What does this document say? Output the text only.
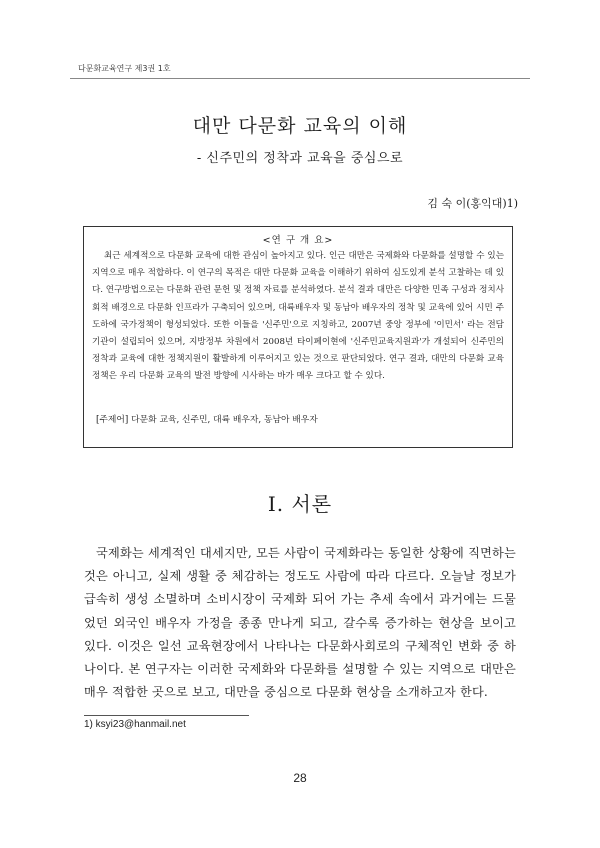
다문화교육연구 제3권 1호
대만 다문화 교육의 이해
- 신주민의 정착과 교육을 중심으로
김 숙 이(홍익대)1)
<연 구 개 요>
최근 세계적으로 다문화 교육에 대한 관심이 높아지고 있다. 인근 대만은 국제화와 다문화를 설명할 수 있는 지역으로 매우 적합하다. 이 연구의 목적은 대만 다문화 교육을 이해하기 위하여 심도있게 분석 고찰하는 데 있다. 연구방법으로는 다문화 관련 문헌 및 정책 자료를 분석하였다. 분석 결과 대만은 다양한 민족 구성과 정치사회적 배경으로 다문화 인프라가 구축되어 있으며, 대륙배우자 및 동남아 배우자의 정착 및 교육에 있어 시민 주도하에 국가정책이 형성되었다. 또한 이들을 '신주민'으로 지칭하고, 2007년 중앙 정부에 '이민서' 라는 전담 기관이 설립되어 있으며, 지방정부 차원에서 2008년 타이페이현에 '신주민교육지원과'가 개설되어 신주민의 정착과 교육에 대한 정책지원이 활발하게 이루어지고 있는 것으로 판단되었다. 연구 결과, 대만의 다문화 교육정책은 우리 다문화 교육의 발전 방향에 시사하는 바가 매우 크다고 할 수 있다.
[주제어] 다문화 교육, 신주민, 대륙 배우자, 동남아 배우자
Ⅰ. 서론
국제화는 세계적인 대세지만, 모든 사람이 국제화라는 동일한 상황에 직면하는 것은 아니고, 실제 생활 중 체감하는 정도도 사람에 따라 다르다. 오늘날 정보가 급속히 생성 소멸하며 소비시장이 국제화 되어 가는 추세 속에서 과거에는 드물었던 외국인 배우자 가정을 종종 만나게 되고, 갈수록 증가하는 현상을 보이고 있다. 이것은 일선 교육현장에서 나타나는 다문화사회로의 구체적인 변화 중 하나이다. 본 연구자는 이러한 국제화와 다문화를 설명할 수 있는 지역으로 대만은 매우 적합한 곳으로 보고, 대만을 중심으로 다문화 현상을 소개하고자 한다.
1) ksyi23@hanmail.net
28
